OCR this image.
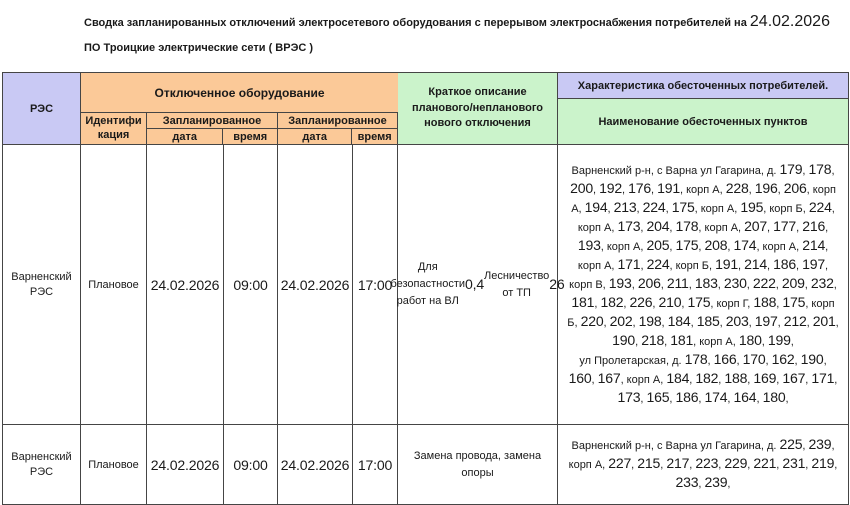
Сводка запланированных отключений электросетевого оборудования с перерывом электроснабжения потребителей на 24.02.2026
ПО Троицкие электрические сети ( ВРЭС )
РЭС
Отключенное оборудование
Идентификация
Запланированное
дата	время
Запланированное
дата	время
Краткое описание планового/непланового нового отключения
Характеристика обесточенных потребителей.
Наименование обесточенных пунктов
Варненский РЭС
Плановое 24.02.2026 09:00 24.02.2026 17:00
Для безопастности работ на ВЛ
0,4
Лесничество от ТП
26
Варненский р-н, с Варна ул Гагарина, д. 179, 178, 200, 192, 176, 191, корп А, 228, 196, 206, корп А, 194, 213, 224, 175, корп А, 195, корп Б, 224, корп А, 173, 204, 178, корп А, 207, 177, 216, 193, корп А, 205, 175, 208, 174, корп А, 214, корп А, 171, 224, корп Б, 191, 214, 186, 197, корп В, 193, 206, 211, 183, 230, 222, 209, 232, 181, 182, 226, 210, 175, корп Г, 188, 175, корп Б, 220, 202, 198, 184, 185, 203, 197, 212, 201, 190, 218, 181, корп А, 180, 199,
ул Пролетарская, д. 178, 166, 170, 162, 190, 160, 167, корп А, 184, 182, 188, 169, 167, 171, 173, 165, 186, 174, 164, 180,
Варненский РЭС
Плановое 24.02.2026 09:00 24.02.2026 17:00
Замена провода, замена опоры
Варненский р-н, с Варна ул Гагарина, д. 225, 239, корп А, 227, 215, 217, 223, 229, 221, 231, 219, 233, 239,
